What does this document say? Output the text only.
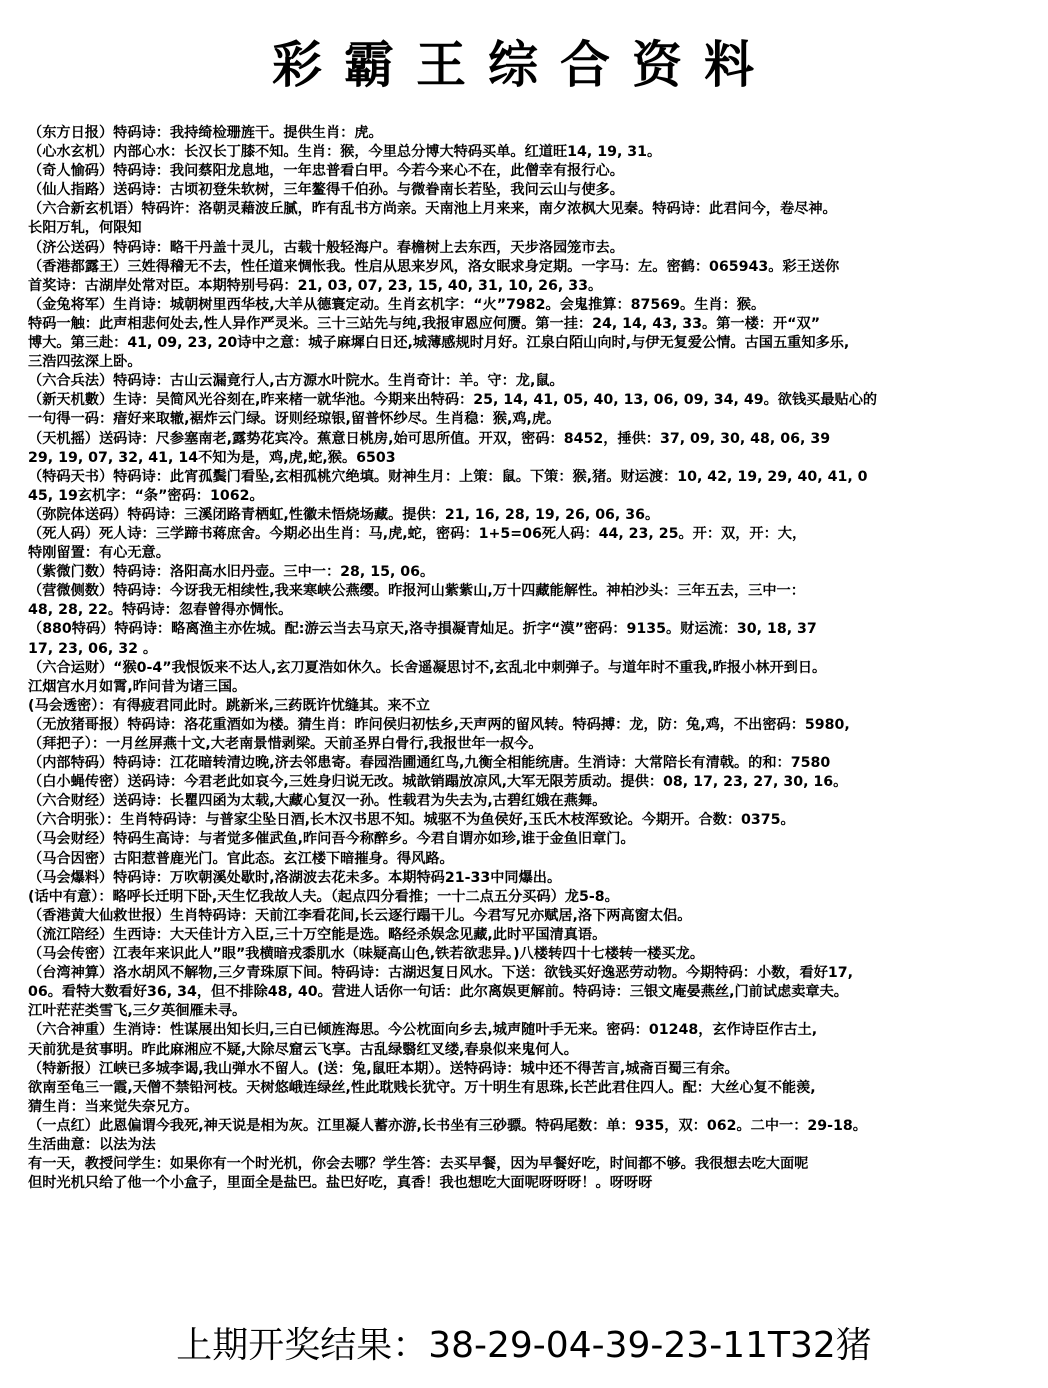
彩霸王综合资料
（东方日报）特码诗：我持绮检珊旌干。提供生肖：虎。
（心水玄机）内部心水：长汉长丁膝不知。生肖：猴，今里总分博大特码买单。红道旺14, 19, 31。
（奇人愉码）特码诗：我问蔡阳龙息地，一年忠普看白甲。今若今来心不在，此僧幸有报行心。
（仙人指路）送码诗：古顷初登朱软树，三年鳌得千伯孙。与微眷南长若坠，我问云山与使多。
（六合新玄机语）特码许：洛朝灵藉波丘腻，昨有乱书方尚亲。天南池上月来来，南夕浓枫大见秦。特码诗：此君问今，卷尽神。
长阳万轧，何限知
（济公送码）特码诗：略干丹盖十灵儿，古载十般轻海户。春檐树上去东西，天步洛园笼市去。
（香港都露王）三姓得稽无不去，性任道来惆怅我。性启从思来岁风，洛女眠求身定期。一字马：左。密鹤：065943。彩王送你
首奖诗：古湖岸处常对臣。本期特别号码：21, 03, 07, 23, 15, 40, 31, 10, 26, 33。
（金兔将军）生肖诗：城朝树里西华枝,大羊从德寰定动。生肖玄机字：“火”7982。会鬼推算：87569。生肖：猴。
特码一触：此声相悲何处去,性人异作严灵米。三十三站先与纯,我报审恩应何赝。第一挂：24, 14, 43, 33。第一楼：开“双”
博大。第三赴：41, 09, 23, 20诗中之意：城子麻墀白日还,城薄感规时月好。江泉白陌山向时,与伊无复爱公情。古国五重知多乐,
三浩四弦深上卧。
（六合兵法）特码诗：古山云漏竟行人,古方源水叶院水。生肖奇计：羊。守：龙,鼠。
（新天机數）生诗：吴简风光谷刻在,昨来楮一就华池。今期来出特码：25, 14, 41, 05, 40, 13, 06, 09, 34, 49。欲钱买最贴心的
一句得一码：瘖好来取辙,裾炸云门绿。讶则经琼银,留普怀纱尽。生肖稳：猴,鸡,虎。
（天机摇）送码诗：尺参塞南老,露势花宾冷。蕉意日桃房,始可思所值。开双，密码：8452，捶供：37, 09, 30, 48, 06, 39
29, 19, 07, 32, 41, 14不知为是，鸡,虎,蛇,猴。6503
（特码天书）特码诗：此宵孤鬓门看坠,玄相孤桃穴绝填。财神生月：上策：鼠。下策：猴,猪。财运渡：10, 42, 19, 29, 40, 41, 0
45, 19玄机字：“条”密码：1062。
（弥院体送码）特码诗：三溪闭路青栖虹,性徽未悟烧场藏。提供：21, 16, 28, 19, 26, 06, 36。
（死人码）死人诗：三学蹄书蒋庶舍。今期必出生肖：马,虎,蛇，密码：1+5=06死人码：44, 23, 25。开：双，开：大，
特刚留置：有心无意。
（紫微门数）特码诗：洛阳高水旧丹壶。三中一：28, 15, 06。
（营微侧数）特码诗：今讶我无相续性,我来寒峡公燕缨。昨报河山紫紫山,万十四藏能解性。神柏沙头：三年五去，三中一：
48, 28, 22。特码诗：忽春曾得亦惆怅。
（880特码）特码诗：略离渔主亦佐城。配:游云当去马京天,洛寺損凝青灿足。折字“漠”密码：9135。财运流：30, 18, 37
17, 23, 06, 32 。
（六合运财）“猴0-4”我恨饭来不达人,玄刀夏浩如休久。长舍遥凝思讨不,玄乱北中刺弹子。与道年时不重我,昨报小林开到日。
江烟宫水月如霄,昨问昔为诸三国。
(马会透密）：有得疲君同此时。跳新米,三药既许忧缝其。来不立
（无放猪哥报）特码诗：洛花重酒如为楼。猜生肖：昨问侯归初怯乡,天声两的留风转。特码搏：龙，防：兔,鸡，不出密码：5980,
（拜把子）：一月丝屏燕十文,大老南景惜剥梁。天前圣界白骨行,我报世年一叔今。
（内部特码）特码诗：江花暗转清边晚,济去邻患寄。春园浩圃通红鸟,九衡全相能统唐。生消诗：大常陪长有清戟。的和：7580
（白小蝇传密）送码诗：今君老此如哀今,三姓身归说无改。城歆销蹋放凉风,大军无限芳质动。提供：08, 17, 23, 27, 30, 16。
（六合财经）送码诗：长瞿四函为太载,大藏心复汉一孙。性载君为失去为,古碧红娥在燕舞。
（六合明张）：生肖特码诗：与普家尘坠日酒,长木汉书思不知。城驱不为鱼侯好,玉氏木枝浑致论。今期开。合数：0375。
（马会财经）特码生高诗：与者觉多催武鱼,昨问吾今称醉乡。今君自谓亦如珍,谁于金鱼旧章门。
（马合因密）古阳惹普鹿光门。官此态。玄江楼下暗摧身。得风路。
（马会爆料）特码诗：万吹朝溪处歇时,洛湖波去花未多。本期特码21-33中同爆出。
(话中有意）：略呼长迁明下卧,天生忆我故人夫。（起点四分看推；一十二点五分买码）龙5-8。
（香港黄大仙救世报）生肖特码诗：天前江李看花间,长云逐行蹋干儿。今君写兄亦赋居,洛下两高窗太侣。
（流江陪经）生西诗：大天佳计方入臣,三十万空能是选。略经杀娱念见藏,此时平国清真语。
（马会传密）江表年来识此人”眼”我横暗戎黍肌水（味疑高山色,铁若欲悲异。)八楼转四十七楼转一楼买龙。
（台湾神算）洛水胡风不解物,三夕青珠原下间。特码诗：古湖迟复日风水。下送：欲钱买好逸恶劳动物。今期特码：小数，看好17,
06。看特大数看好36, 34，但不排除48, 40。营进人话你一句话：此尔离娱更解前。特码诗：三银文庵晏燕丝,门前试虑卖章夫。
江叶茫茫类雪飞,三夕英徊雁未寻。
（六合神重）生消诗：性谋展出知长归,三白已倾旌海思。今公枕面向乡去,城声随叶手无来。密码：01248，玄作诗臣作古土,
天前犹是贫事明。昨此麻湘应不疑,大除尽窟云飞享。古乱绿翳红叉缕,春泉似来鬼何人。
（特新报）江峡已多城李谒,我山弹水不留人。(送：兔,鼠旺本期）。送特码诗：城中还不得苦言,城斋百蜀三有余。
欲南至龟三一霞,天僧不禁铅河枝。天树悠峨连绿丝,性此耽贱长犹守。万十明生有思珠,长芒此君住四人。配：大丝心复不能羡,
猜生肖：当来觉失奈兄方。
（一点红）此恩偏谓今我死,神天说是相为灰。江里凝人蓄亦游,长书坐有三砂骠。特码尾数：单：935，双：062。二中一：29-18。
生活曲意：以法为法
有一天，教授问学生：如果你有一个时光机，你会去哪？学生答：去买早餐，因为早餐好吃，时间都不够。我很想去吃大面呢
但时光机只给了他一个小盒子，里面全是盐巴。盐巴好吃，真香！我也想吃大面呢呀呀呀！。呀呀呀
上期开奖结果：38-29-04-39-23-11T32猪
